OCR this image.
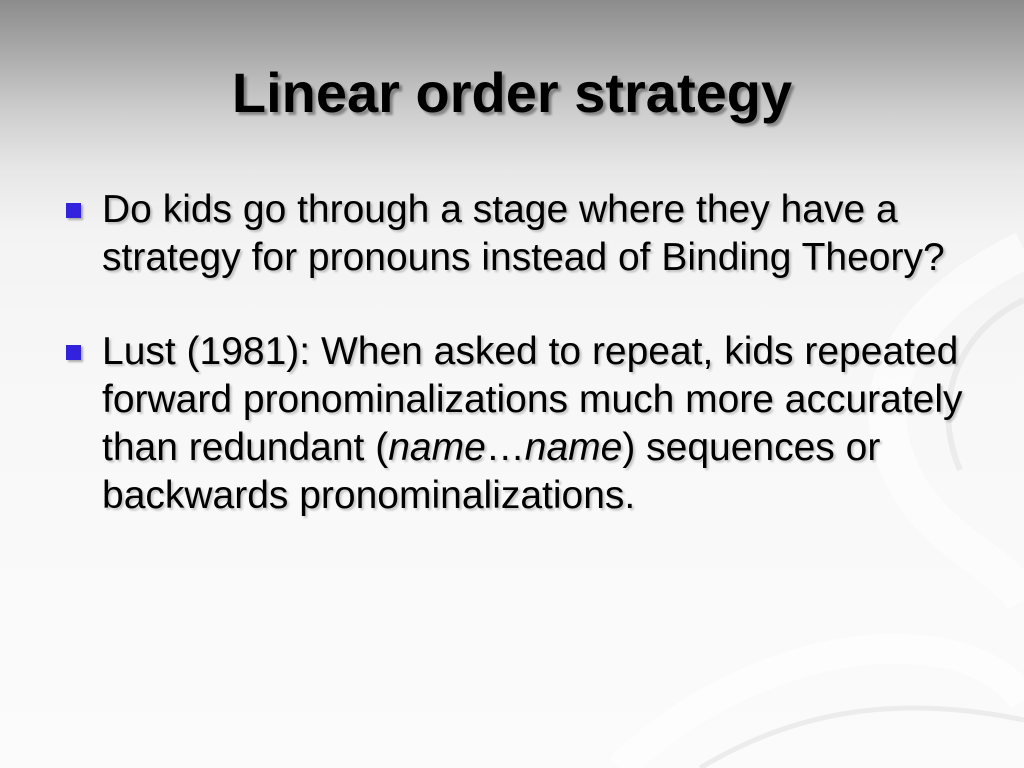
Linear order strategy
Do kids go through a stage where they have a strategy for pronouns instead of Binding Theory?
Lust (1981): When asked to repeat, kids repeated forward pronominalizations much more accurately than redundant (name…name) sequences or backwards pronominalizations.
